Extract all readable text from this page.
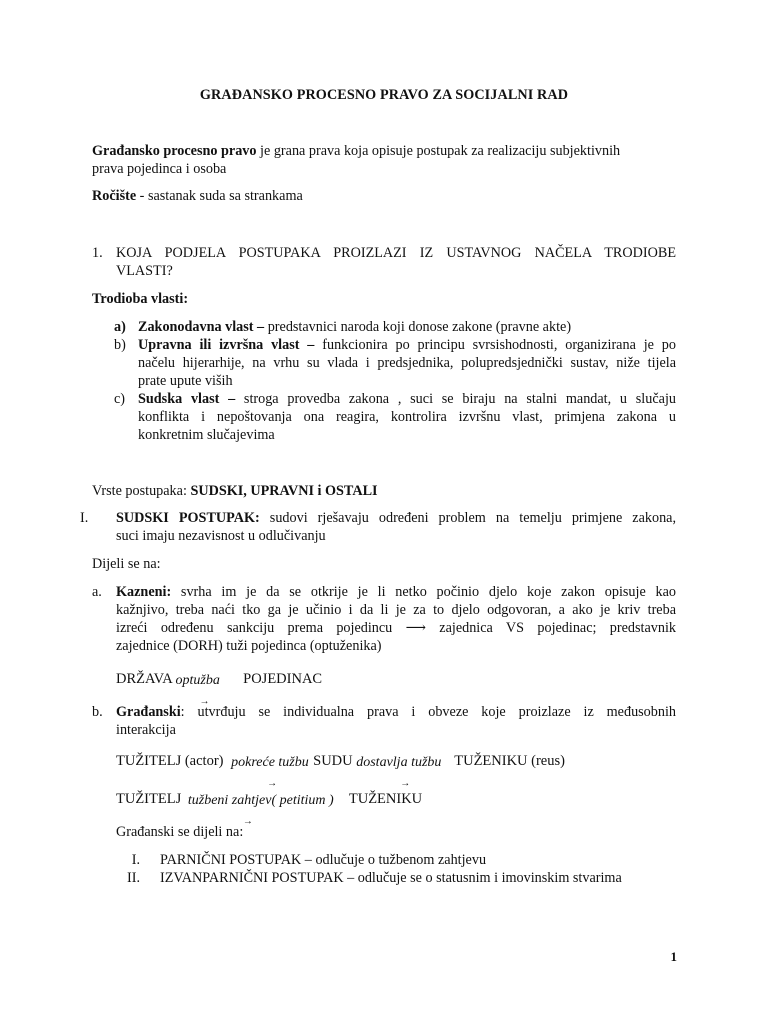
GRAĐANSKO PROCESNO PRAVO ZA SOCIJALNI RAD
Građansko procesno pravo je grana prava koja opisuje postupak za realizaciju subjektivnih
prava pojedinca i osoba
Ročište - sastanak suda sa strankama
1. KOJA PODJELA POSTUPAKA PROIZLAZI IZ USTAVNOG NAČELA TRODIOBE
VLASTI?
Trodioba vlasti:
a) Zakonodavna vlast – predstavnici naroda koji donose zakone (pravne akte)
b) Upravna ili izvršna vlast – funkcionira po principu svrsishodnosti, organizirana je po
načelu hijerarhije, na vrhu su vlada i predsjednika, polupredsjednički sustav, niže tijela
prate upute viših
c) Sudska vlast – stroga provedba zakona , suci se biraju na stalni mandat, u slučaju
konflikta i nepoštovanja ona reagira, kontrolira izvršnu vlast, primjena zakona u
konkretnim slučajevima
Vrste postupaka: SUDSKI, UPRAVNI i OSTALI
I. SUDSKI POSTUPAK: sudovi rješavaju određeni problem na temelju primjene zakona,
suci imaju nezavisnost u odlučivanju
Dijeli se na:
a. Kazneni: svrha im je da se otkrije je li netko počinio djelo koje zakon opisuje kao
kažnjivo, treba naći tko ga je učinio i da li je za to djelo odgovoran, a ako je kriv treba
izreći određenu sankciju prema pojedincu ⟶ zajednica VS pojedinac; predstavnik
zajednice (DORH) tuži pojedinca (optuženika)
DRŽAVA optužba
→
POJEDINAC
b. Građanski: utvrđuju se individualna prava i obveze koje proizlaze iz međusobnih
interakcija
TUŽITELJ (actor) pokreće tužbu
→
SUDU dostavlja tužbu
→
TUŽENIKU (reus)
TUŽITELJ tužbeni zahtjev( petitium )
→
TUŽENIKU
Građanski se dijeli na:
I. PARNIČNI POSTUPAK – odlučuje o tužbenom zahtjevu
II. IZVANPARNIČNI POSTUPAK – odlučuje se o statusnim i imovinskim stvarima
1
